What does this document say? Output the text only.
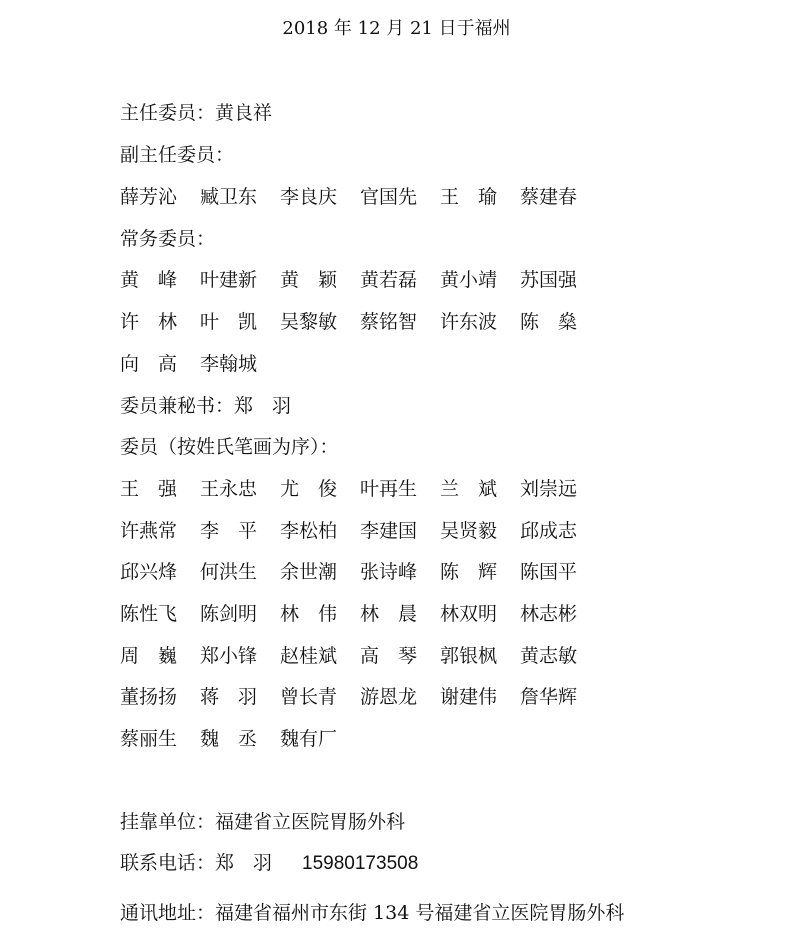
2018 年 12 月 21 日于福州
主任委员：黄良祥
副主任委员：
薛芳沁 臧卫东 李良庆 官国先 王　瑜 蔡建春
常务委员：
黄　峰 叶建新 黄　颖 黄若磊 黄小靖 苏国强
许　林 叶　凯 吴黎敏 蔡铭智 许东波 陈　燊
向　高 李翰城
委员兼秘书：郑　羽
委员（按姓氏笔画为序）：
王　强 王永忠 尤　俊 叶再生 兰　斌 刘崇远
许燕常 李　平 李松柏 李建国 吴贤毅 邱成志
邱兴烽 何洪生 余世潮 张诗峰 陈　辉 陈国平
陈性飞 陈剑明 林　伟 林　晨 林双明 林志彬
周　巍 郑小锋 赵桂斌 高　琴 郭银枫 黄志敏
董扬扬 蒋　羽 曾长青 游恩龙 谢建伟 詹华辉
蔡丽生 魏　丞 魏有厂
挂靠单位：福建省立医院胃肠外科
联系电话：郑　羽 15980173508
通讯地址：福建省福州市东街 134 号福建省立医院胃肠外科
